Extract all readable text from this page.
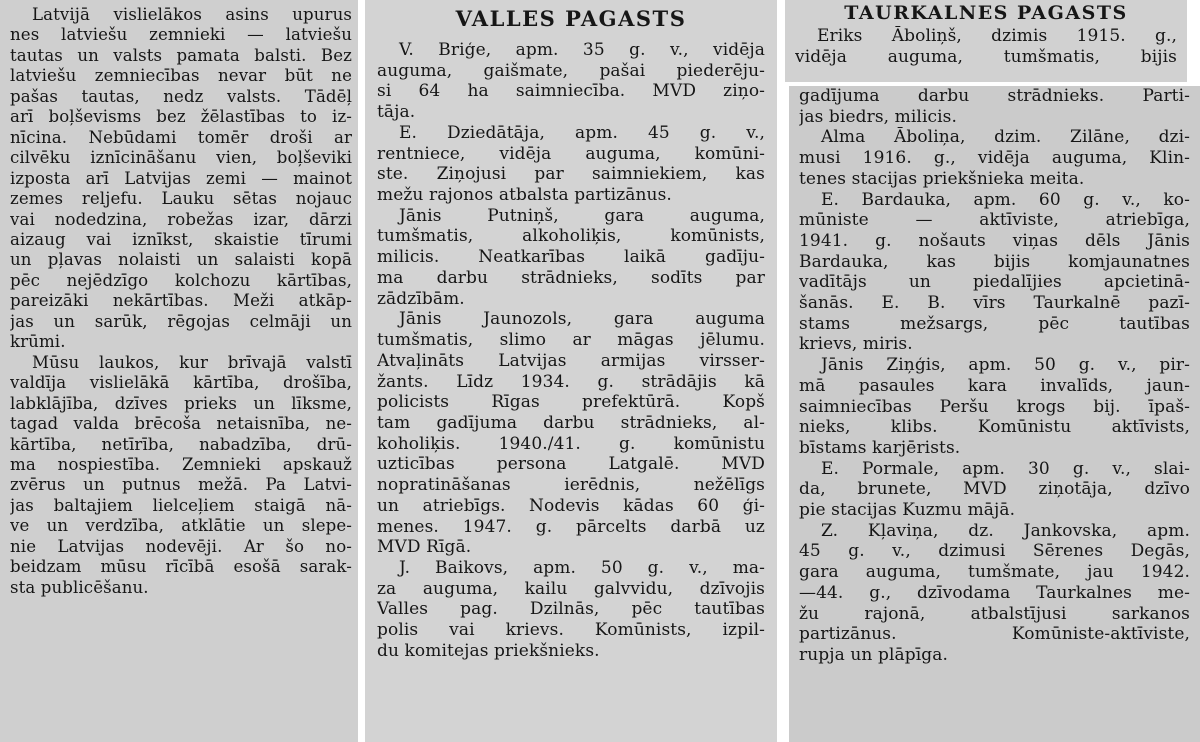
Latvijā vislielākos asins upurus
nes latviešu zemnieki — latviešu
tautas un valsts pamata balsti. Bez
latviešu zemniecības nevar būt ne
pašas tautas, nedz valsts. Tādēļ
arī boļševisms bez žēlastības to iz-
nīcina. Nebūdami tomēr droši ar
cilvēku iznīcināšanu vien, boļševiki
izposta arī Latvijas zemi — mainot
zemes reljefu. Lauku sētas nojauc
vai nodedzina, robežas izar, dārzi
aizaug vai iznīkst, skaistie tīrumi
un pļavas nolaisti un salaisti kopā
pēc nejēdzīgo kolchozu kārtības,
pareizāki nekārtības. Meži atkāp-
jas un sarūk, rēgojas celmāji un
krūmi.
Mūsu laukos, kur brīvajā valstī
valdīja vislielākā kārtība, drošība,
labklājība, dzīves prieks un līksme,
tagad valda brēcoša netaisnība, ne-
kārtība, netīrība, nabadzība, drū-
ma nospiestība. Zemnieki apskauž
zvērus un putnus mežā. Pa Latvi-
jas baltajiem lielceļiem staigā nā-
ve un verdzība, atklātie un slepe-
nie Latvijas nodevēji. Ar šo no-
beidzam mūsu rīcībā esošā sarak-
sta publicēšanu.
VALLES PAGASTS
V. Briģe, apm. 35 g. v., vidēja
auguma, gaišmate, pašai piederēju-
si 64 ha saimniecība. MVD ziņo-
tāja.
E. Dziedātāja, apm. 45 g. v.,
rentniece, vidēja auguma, komūni-
ste. Ziņojusi par saimniekiem, kas
mežu rajonos atbalsta partizānus.
Jānis Putniņš, gara auguma,
tumšmatis, alkoholiķis, komūnists,
milicis. Neatkarības laikā gadīju-
ma darbu strādnieks, sodīts par
zādzībām.
Jānis Jaunozols, gara auguma
tumšmatis, slimo ar māgas jēlumu.
Atvaļināts Latvijas armijas virsser-
žants. Līdz 1934. g. strādājis kā
policists Rīgas prefektūrā. Kopš
tam gadījuma darbu strādnieks, al-
koholiķis. 1940./41. g. komūnistu
uzticības persona Latgalē. MVD
nopratināšanas ierēdnis, nežēlīgs
un atriebīgs. Nodevis kādas 60 ģi-
menes. 1947. g. pārcelts darbā uz
MVD Rīgā.
J. Baikovs, apm. 50 g. v., ma-
za auguma, kailu galvvidu, dzīvojis
Valles pag. Dzilnās, pēc tautības
polis vai krievs. Komūnists, izpil-
du komitejas priekšnieks.
TAURKALNES PAGASTS
Eriks Āboliņš, dzimis 1915. g.,
vidēja auguma, tumšmatis, bijis
gadījuma darbu strādnieks. Parti-
jas biedrs, milicis.
Alma Āboliņa, dzim. Zilāne, dzi-
musi 1916. g., vidēja auguma, Klin-
tenes stacijas priekšnieka meita.
E. Bardauka, apm. 60 g. v., ko-
mūniste — aktīviste, atriebīga,
1941. g. nošauts viņas dēls Jānis
Bardauka, kas bijis komjaunatnes
vadītājs un piedalījies apcietinā-
šanās. E. B. vīrs Taurkalnē pazī-
stams mežsargs, pēc tautības
krievs, miris.
Jānis Ziņģis, apm. 50 g. v., pir-
mā pasaules kara invalīds, jaun-
saimniecības Peršu krogs bij. īpaš-
nieks, klibs. Komūnistu aktīvists,
bīstams karjērists.
E. Pormale, apm. 30 g. v., slai-
da, brunete, MVD ziņotāja, dzīvo
pie stacijas Kuzmu mājā.
Z. Kļaviņa, dz. Jankovska, apm.
45 g. v., dzimusi Sērenes Degās,
gara auguma, tumšmate, jau 1942.
—44. g., dzīvodama Taurkalnes me-
žu rajonā, atbalstījusi sarkanos
partizānus. Komūniste-aktīviste,
rupja un plāpīga.
